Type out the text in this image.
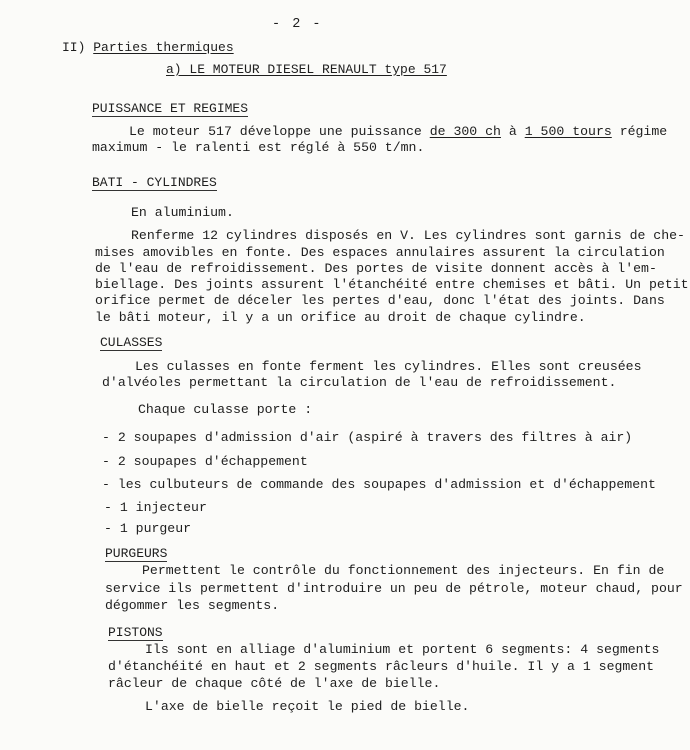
- 2 -
II) Parties thermiques
a) LE MOTEUR DIESEL RENAULT type 517
PUISSANCE ET REGIMES
Le moteur 517 développe une puissance de 300 ch à 1 500 tours régime
maximum - le ralenti est réglé à 550 t/mn.
BATI - CYLINDRES
En aluminium.
Renferme 12 cylindres disposés en V. Les cylindres sont garnis de che-
mises amovibles en fonte. Des espaces annulaires assurent la circulation
de l'eau de refroidissement. Des portes de visite donnent accès à l'em-
biellage. Des joints assurent l'étanchéité entre chemises et bâti. Un petit
orifice permet de déceler les pertes d'eau, donc l'état des joints. Dans
le bâti moteur, il y a un orifice au droit de chaque cylindre.
CULASSES
Les culasses en fonte ferment les cylindres. Elles sont creusées
d'alvéoles permettant la circulation de l'eau de refroidissement.
Chaque culasse porte :
- 2 soupapes d'admission d'air (aspiré à travers des filtres à air)
- 2 soupapes d'échappement
- les culbuteurs de commande des soupapes d'admission et d'échappement
- 1 injecteur
- 1 purgeur
PURGEURS
Permettent le contrôle du fonctionnement des injecteurs. En fin de
service ils permettent d'introduire un peu de pétrole, moteur chaud, pour
dégommer les segments.
PISTONS
Ils sont en alliage d'aluminium et portent 6 segments: 4 segments
d'étanchéité en haut et 2 segments râcleurs d'huile. Il y a 1 segment
râcleur de chaque côté de l'axe de bielle.
L'axe de bielle reçoit le pied de bielle.
